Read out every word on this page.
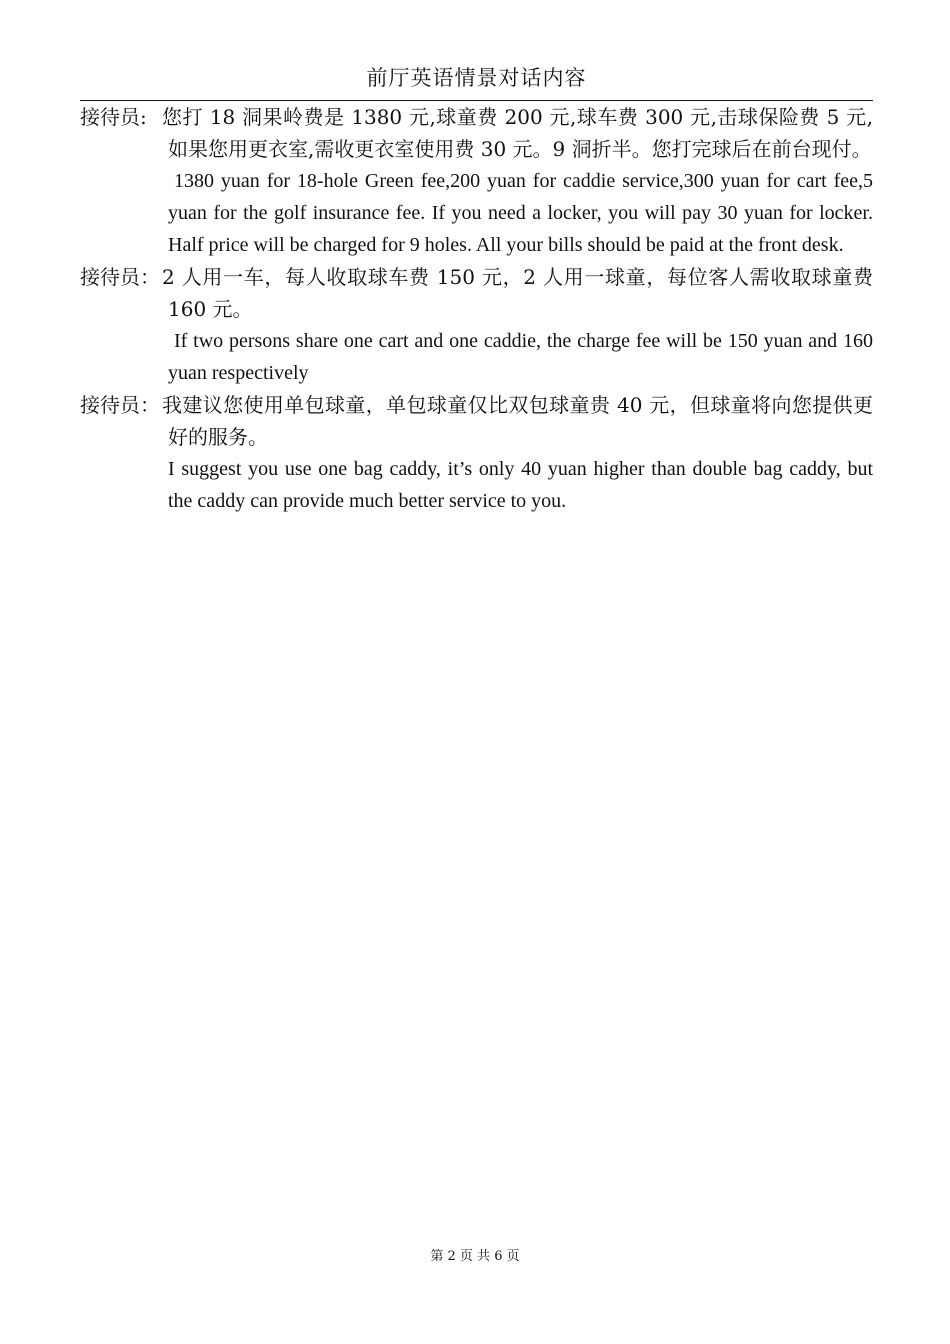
前厅英语情景对话内容
接待员: 您打 18 洞果岭费是 1380 元,球童费 200 元,球车费 300 元,击球保险费 5 元,如果您用更衣室,需收更衣室使用费 30 元。9 洞折半。您打完球后在前台现付。
1380 yuan for 18-hole Green fee,200 yuan for caddie service,300 yuan for cart fee,5 yuan for the golf insurance fee. If you need a locker, you will pay 30 yuan for locker. Half price will be charged for 9 holes. All your bills should be paid at the front desk.
接待员： 2 人用一车，每人收取球车费 150 元，2 人用一球童，每位客人需收取球童费 160 元。
If two persons share one cart and one caddie, the charge fee will be 150 yuan and 160 yuan respectively
接待员： 我建议您使用单包球童，单包球童仅比双包球童贵 40 元，但球童将向您提供更好的服务。
I suggest you use one bag caddy, it’s only 40 yuan higher than double bag caddy, but the caddy can provide much better service to you.
第 2 页 共 6 页
